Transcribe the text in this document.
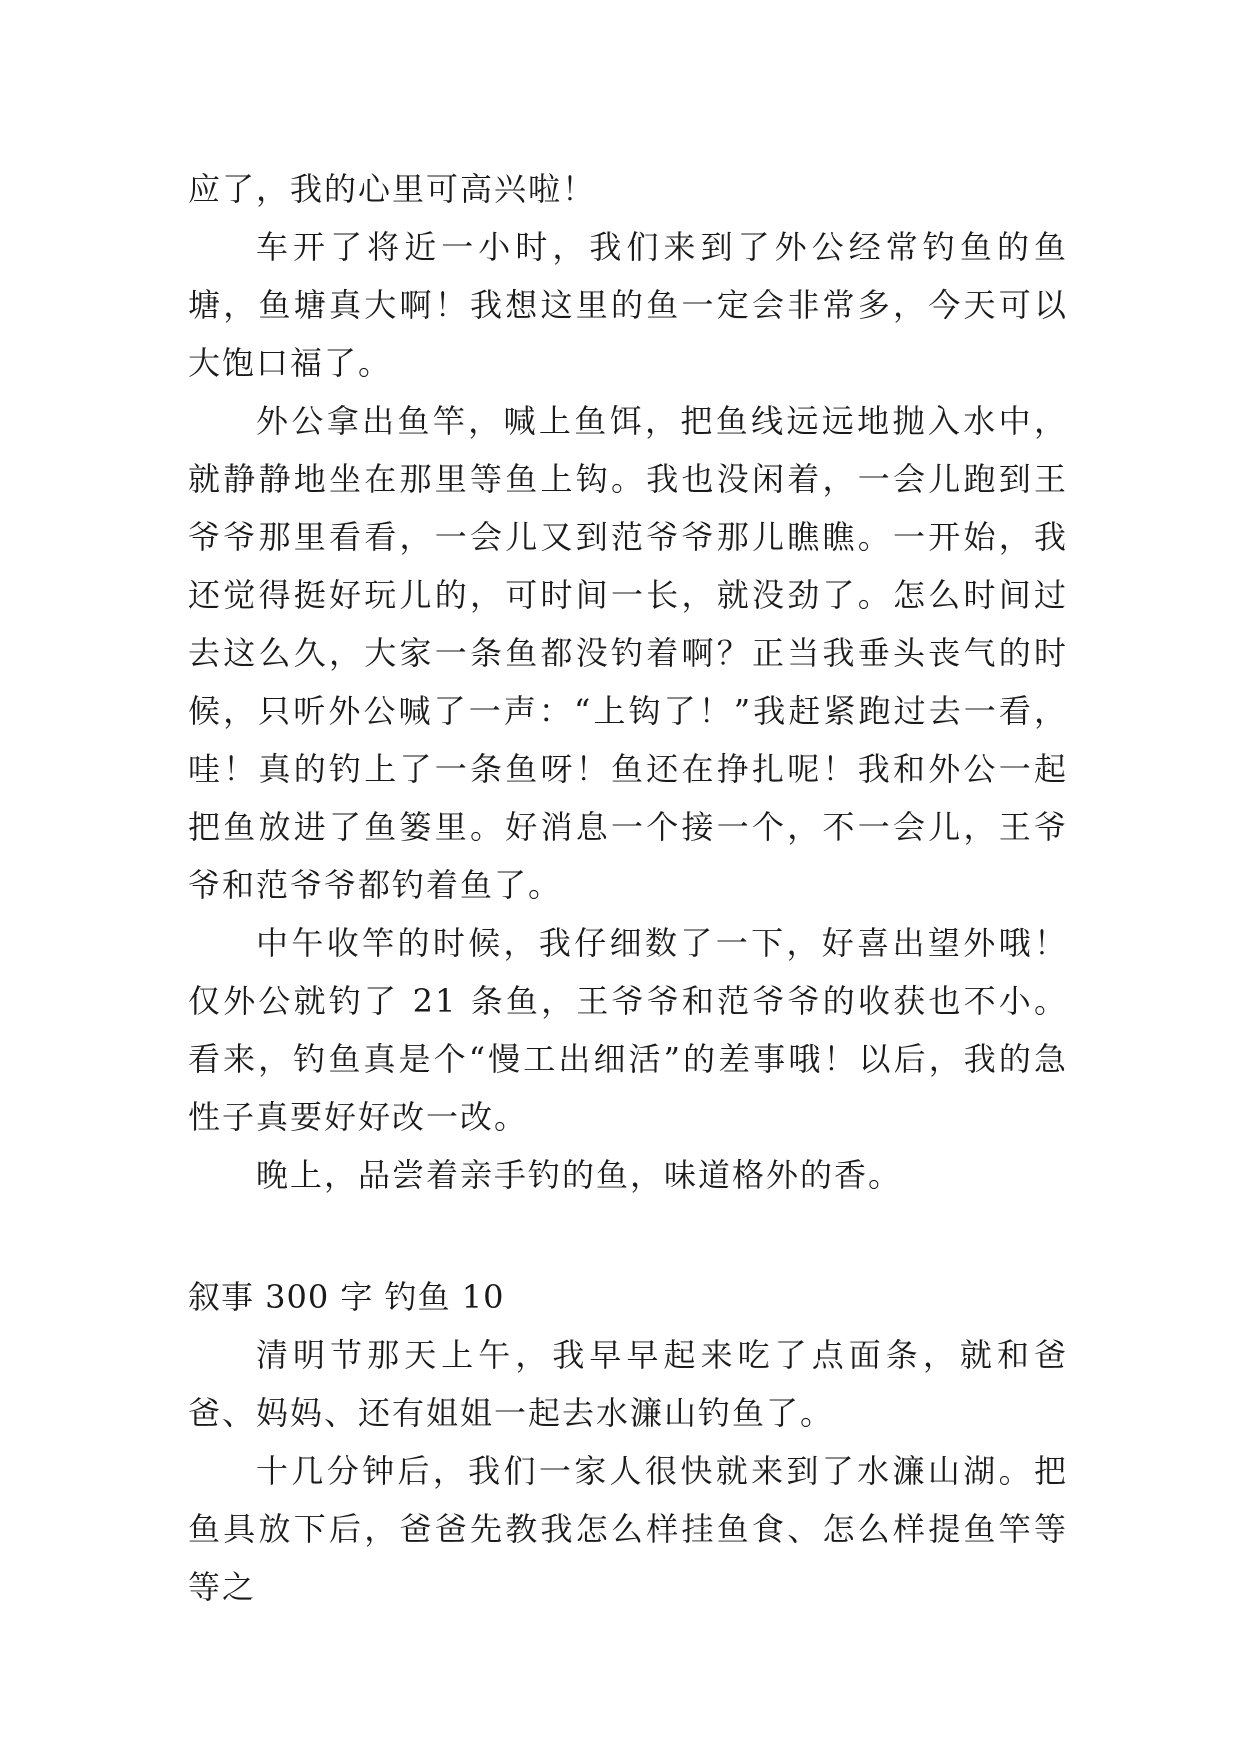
应了，我的心里可高兴啦！

车开了将近一小时，我们来到了外公经常钓鱼的鱼塘，鱼塘真大啊！我想这里的鱼一定会非常多，今天可以大饱口福了。

外公拿出鱼竿，喊上鱼饵，把鱼线远远地抛入水中，就静静地坐在那里等鱼上钩。我也没闲着，一会儿跑到王爷爷那里看看，一会儿又到范爷爷那儿瞧瞧。一开始，我还觉得挺好玩儿的，可时间一长，就没劲了。怎么时间过去这么久，大家一条鱼都没钓着啊？正当我垂头丧气的时候，只听外公喊了一声：“上钩了！”我赶紧跑过去一看，哇！真的钓上了一条鱼呀！鱼还在挣扎呢！我和外公一起把鱼放进了鱼篓里。好消息一个接一个，不一会儿，王爷爷和范爷爷都钓着鱼了。

中午收竿的时候，我仔细数了一下，好喜出望外哦！仅外公就钓了 21 条鱼，王爷爷和范爷爷的收获也不小。看来，钓鱼真是个“慢工出细活”的差事哦！以后，我的急性子真要好好改一改。

晚上，品尝着亲手钓的鱼，味道格外的香。

叙事 300 字 钓鱼 10

清明节那天上午，我早早起来吃了点面条，就和爸爸、妈妈、还有姐姐一起去水濂山钓鱼了。

十几分钟后，我们一家人很快就来到了水濂山湖。把鱼具放下后，爸爸先教我怎么样挂鱼食、怎么样提鱼竿等等之
